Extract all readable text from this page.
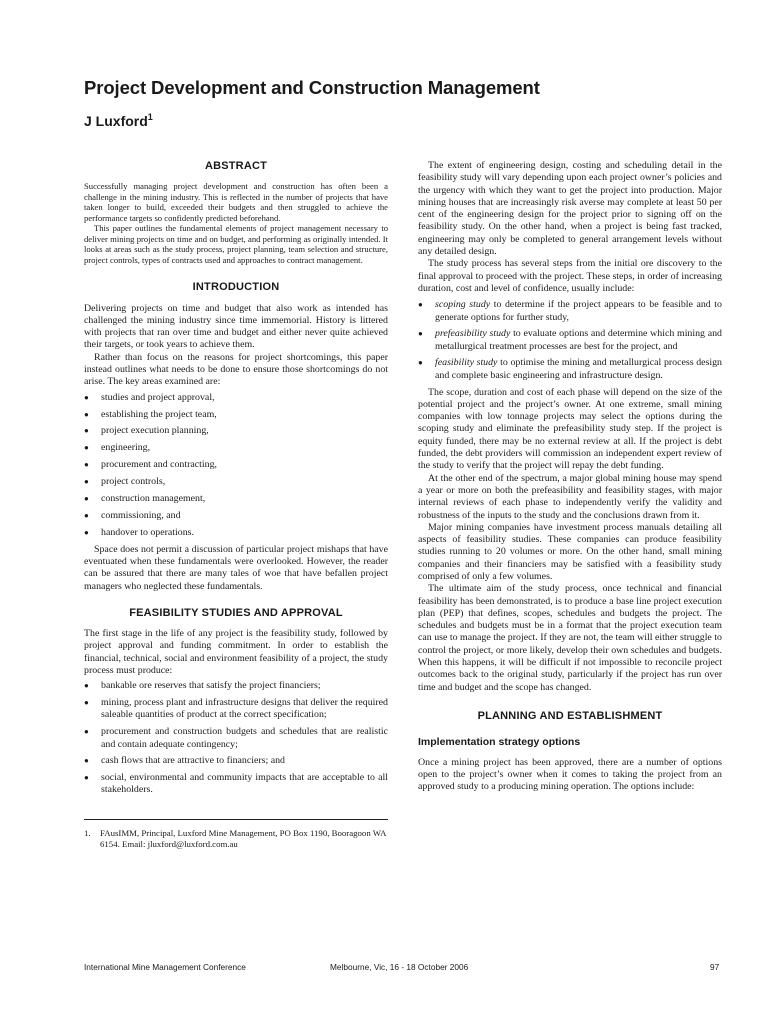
Project Development and Construction Management
J Luxford$^1$
ABSTRACT

Successfully managing project development and construction has often been a challenge in the mining industry. This is reflected in the number of projects that have taken longer to build, exceeded their budgets and then struggled to achieve the performance targets so confidently predicted beforehand.

This paper outlines the fundamental elements of project management necessary to deliver mining projects on time and on budget, and performing as originally intended. It looks at areas such as the study process, project planning, team selection and structure, project controls, types of contracts used and approaches to contract management.

INTRODUCTION

Delivering projects on time and budget that also work as intended has challenged the mining industry since time immemorial. History is littered with projects that ran over time and budget and either never quite achieved their targets, or took years to achieve them.

Rather than focus on the reasons for project shortcomings, this paper instead outlines what needs to be done to ensure those shortcomings do not arise. The key areas examined are:

● studies and project approval,
● establishing the project team,
● project execution planning,
● engineering,
● procurement and contracting,
● project controls,
● construction management,
● commissioning, and
● handover to operations.

Space does not permit a discussion of particular project mishaps that have eventuated when these fundamentals were overlooked. However, the reader can be assured that there are many tales of woe that have befallen project managers who neglected these fundamentals.

FEASIBILITY STUDIES AND APPROVAL

The first stage in the life of any project is the feasibility study, followed by project approval and funding commitment. In order to establish the financial, technical, social and environment feasibility of a project, the study process must produce:

● bankable ore reserves that satisfy the project financiers;
● mining, process plant and infrastructure designs that deliver the required saleable quantities of product at the correct specification;
● procurement and construction budgets and schedules that are realistic and contain adequate contingency;
● cash flows that are attractive to financiers; and
● social, environmental and community impacts that are acceptable to all stakeholders.
1.	FAusIMM, Principal, Luxford Mine Management, PO Box 1190, Booragoon WA 6154. Email: jluxford@luxford.com.au

The extent of engineering design, costing and scheduling detail in the feasibility study will vary depending upon each project owner’s policies and the urgency with which they want to get the project into production. Major mining houses that are increasingly risk averse may complete at least 50 per cent of the engineering design for the project prior to signing off on the feasibility study. On the other hand, when a project is being fast tracked, engineering may only be completed to general arrangement levels without any detailed design.

The study process has several steps from the initial ore discovery to the final approval to proceed with the project. These steps, in order of increasing duration, cost and level of confidence, usually include:

● scoping study to determine if the project appears to be feasible and to generate options for further study,
● prefeasibility study to evaluate options and determine which mining and metallurgical treatment processes are best for the project, and
● feasibility study to optimise the mining and metallurgical process design and complete basic engineering and infrastructure design.

The scope, duration and cost of each phase will depend on the size of the potential project and the project’s owner. At one extreme, small mining companies with low tonnage projects may select the options during the scoping study and eliminate the prefeasibility study step. If the project is equity funded, there may be no external review at all. If the project is debt funded, the debt providers will commission an independent expert review of the study to verify that the project will repay the debt funding.

At the other end of the spectrum, a major global mining house may spend a year or more on both the prefeasibility and feasibility stages, with major internal reviews of each phase to independently verify the validity and robustness of the inputs to the study and the conclusions drawn from it.

Major mining companies have investment process manuals detailing all aspects of feasibility studies. These companies can produce feasibility studies running to 20 volumes or more. On the other hand, small mining companies and their financiers may be satisfied with a feasibility study comprised of only a few volumes.

The ultimate aim of the study process, once technical and financial feasibility has been demonstrated, is to produce a base line project execution plan (PEP) that defines, scopes, schedules and budgets the project. The schedules and budgets must be in a format that the project execution team can use to manage the project. If they are not, the team will either struggle to control the project, or more likely, develop their own schedules and budgets. When this happens, it will be difficult if not impossible to reconcile project outcomes back to the original study, particularly if the project has run over time and budget and the scope has changed.

PLANNING AND ESTABLISHMENT
Implementation strategy options

Once a mining project has been approved, there are a number of options open to the project’s owner when it comes to taking the project from an approved study to a producing mining operation. The options include:

International Mine Management Conference	Melbourne, Vic, 16 - 18 October 2006	97
